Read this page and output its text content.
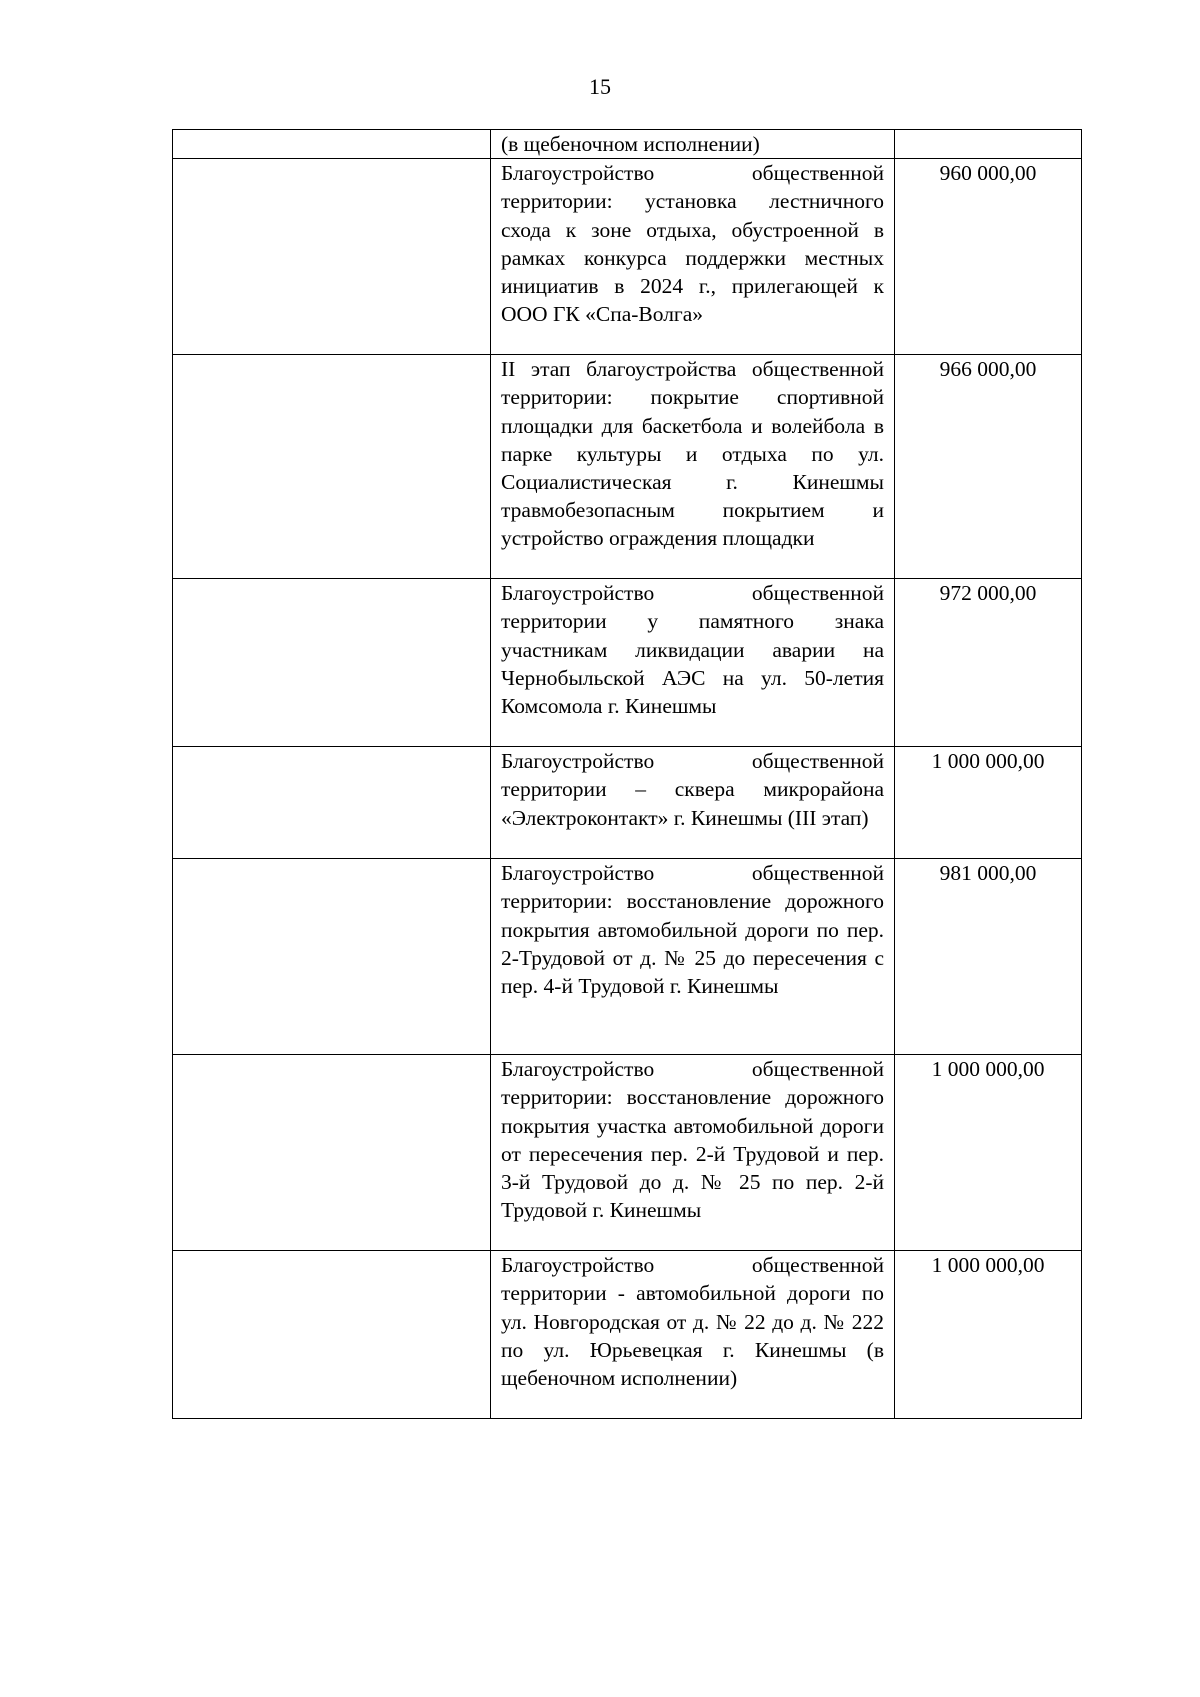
15
	(в щебеночном исполнении)	
	Благоустройство общественной территории: установка лестничного схода к зоне отдыха, обустроенной в рамках конкурса поддержки местных инициатив в 2024 г., прилегающей к ООО ГК «Спа-Волга»	960 000,00
	II этап благоустройства общественной территории: покрытие спортивной площадки для баскетбола и волейбола в парке культуры и отдыха по ул. Социалистическая г. Кинешмы травмобезопасным покрытием и устройство ограждения площадки	966 000,00
	Благоустройство общественной территории у памятного знака участникам ликвидации аварии на Чернобыльской АЭС на ул. 50-летия Комсомола г. Кинешмы	972 000,00
	Благоустройство общественной территории – сквера микрорайона «Электроконтакт» г. Кинешмы (III этап)	1 000 000,00
	Благоустройство общественной территории: восстановление дорожного покрытия автомобильной дороги по пер. 2-Трудовой от д. № 25 до пересечения с пер. 4-й Трудовой г. Кинешмы	981 000,00
	Благоустройство общественной территории: восстановление дорожного покрытия участка автомобильной дороги от пересечения пер. 2-й Трудовой и пер. 3-й Трудовой до д. № 25 по пер. 2-й Трудовой г. Кинешмы	1 000 000,00
	Благоустройство общественной территории - автомобильной дороги по ул. Новгородская от д. № 22 до д. № 222 по ул. Юрьевецкая г. Кинешмы (в щебеночном исполнении)	1 000 000,00
